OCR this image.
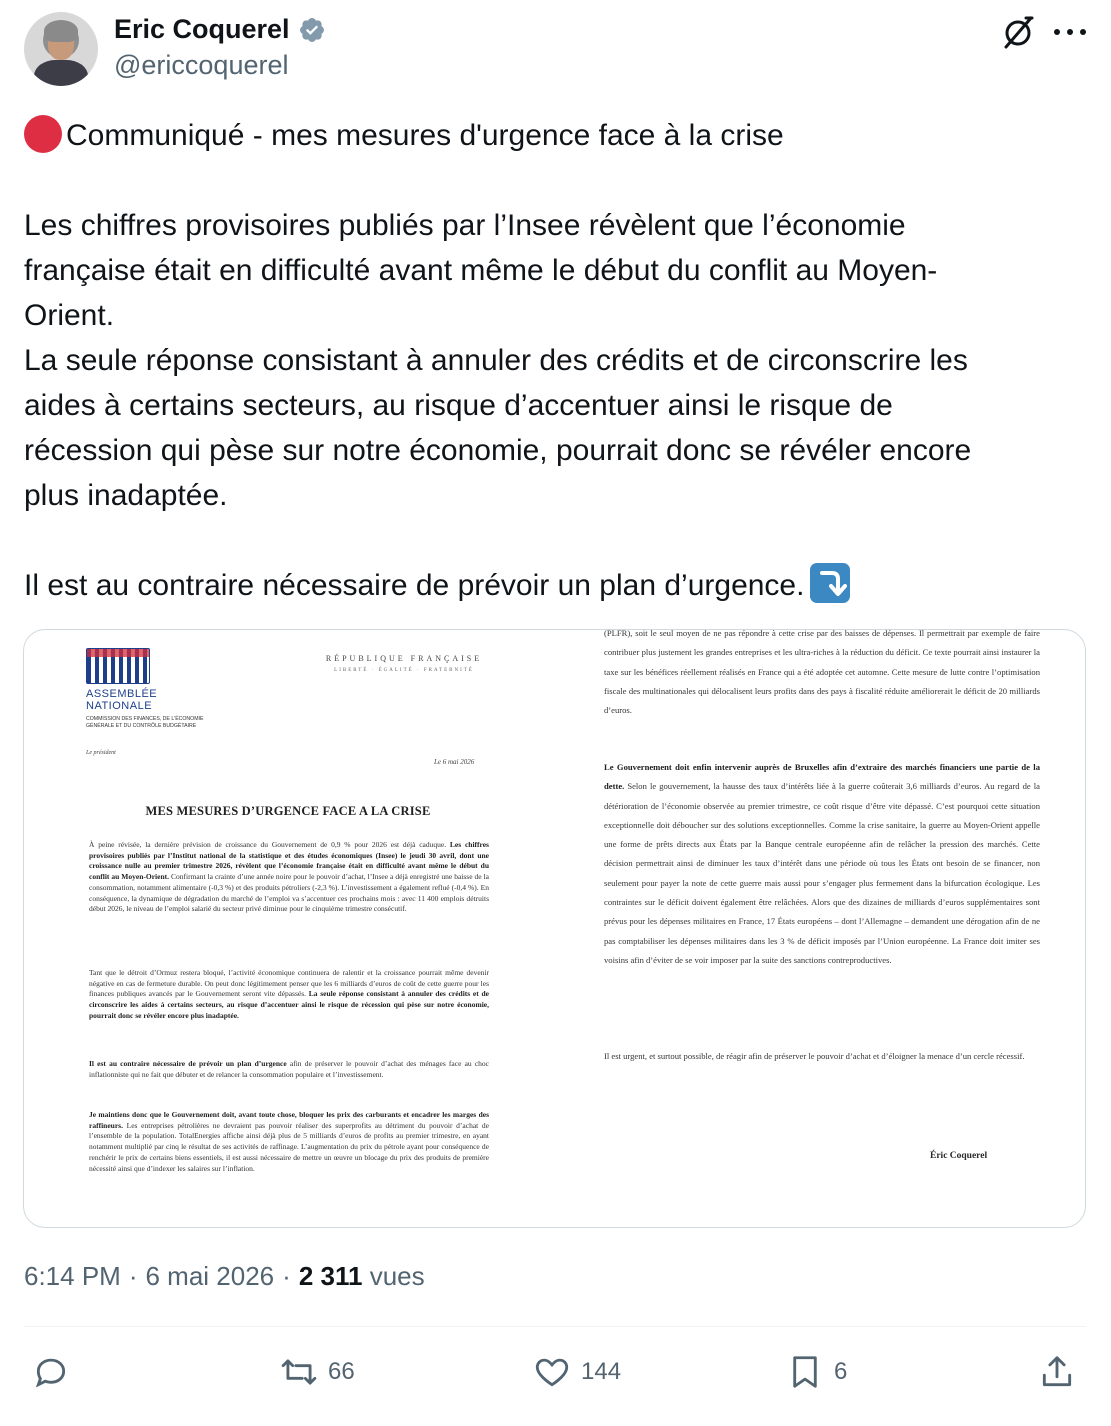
Eric Coquerel
@ericcoquerel

Communiqué - mes mesures d'urgence face à la crise

Les chiffres provisoires publiés par l’Insee révèlent que l’économie
française était en difficulté avant même le début du conflit au Moyen-
Orient.
La seule réponse consistant à annuler des crédits et de circonscrire les
aides à certains secteurs, au risque d’accentuer ainsi le risque de
récession qui pèse sur notre économie, pourrait donc se révéler encore
plus inadaptée.

Il est au contraire nécessaire de prévoir un plan d’urgence.

ASSEMBLÉE
NATIONALE
COMMISSION DES FINANCES, DE L'ÉCONOMIE GÉNÉRALE ET DU CONTRÔLE BUDGÉTAIRE
Le président
RÉPUBLIQUE FRANÇAISE
LIBERTÉ · ÉGALITÉ · FRATERNITÉ
Le 6 mai 2026
MES MESURES D’URGENCE FACE A LA CRISE
À peine révisée, la dernière prévision de croissance du Gouvernement de 0,9 % pour 2026 est déjà caduque. Les chiffres provisoires publiés par l’Institut national de la statistique et des études économiques (Insee) le jeudi 30 avril, dont une croissance nulle au premier trimestre 2026, révèlent que l’économie française était en difficulté avant même le début du conflit au Moyen-Orient. Confirmant la crainte d’une année noire pour le pouvoir d’achat, l’Insee a déjà enregistré une baisse de la consommation, notamment alimentaire (-0,3 %) et des produits pétroliers (-2,3 %). L’investissement a également reflué (-0,4 %). En conséquence, la dynamique de dégradation du marché de l’emploi va s’accentuer ces prochains mois : avec 11 400 emplois détruits début 2026, le niveau de l’emploi salarié du secteur privé diminue pour le cinquième trimestre consécutif.
Tant que le détroit d’Ormuz restera bloqué, l’activité économique continuera de ralentir et la croissance pourrait même devenir négative en cas de fermeture durable. On peut donc légitimement penser que les 6 milliards d’euros de coût de cette guerre pour les finances publiques avancés par le Gouvernement seront vite dépassés. La seule réponse consistant à annuler des crédits et de circonscrire les aides à certains secteurs, au risque d’accentuer ainsi le risque de récession qui pèse sur notre économie, pourrait donc se révéler encore plus inadaptée.
Il est au contraire nécessaire de prévoir un plan d’urgence afin de préserver le pouvoir d’achat des ménages face au choc inflationniste qui ne fait que débuter et de relancer la consommation populaire et l’investissement.
Je maintiens donc que le Gouvernement doit, avant toute chose, bloquer les prix des carburants et encadrer les marges des raffineurs. Les entreprises pétrolières ne devraient pas pouvoir réaliser des superprofits au détriment du pouvoir d’achat de l’ensemble de la population. TotalEnergies affiche ainsi déjà plus de 5 milliards d’euros de profits au premier trimestre, en ayant notamment multiplié par cinq le résultat de ses activités de raffinage. L’augmentation du prix du pétrole ayant pour conséquence de renchérir le prix de certains biens essentiels, il est aussi nécessaire de mettre un œuvre un blocage du prix des produits de première nécessité ainsi que d’indexer les salaires sur l’inflation.
(PLFR), soit le seul moyen de ne pas répondre à cette crise par des baisses de dépenses. Il permettrait par exemple de faire contribuer plus justement les grandes entreprises et les ultra-riches à la réduction du déficit. Ce texte pourrait ainsi instaurer la taxe sur les bénéfices réellement réalisés en France qui a été adoptée cet automne. Cette mesure de lutte contre l’optimisation fiscale des multinationales qui délocalisent leurs profits dans des pays à fiscalité réduite améliorerait le déficit de 20 milliards d’euros.
Le Gouvernement doit enfin intervenir auprès de Bruxelles afin d’extraire des marchés financiers une partie de la dette. Selon le gouvernement, la hausse des taux d’intérêts liée à la guerre coûterait 3,6 milliards d’euros. Au regard de la détérioration de l’économie observée au premier trimestre, ce coût risque d’être vite dépassé. C’est pourquoi cette situation exceptionnelle doit déboucher sur des solutions exceptionnelles. Comme la crise sanitaire, la guerre au Moyen-Orient appelle une forme de prêts directs aux États par la Banque centrale européenne afin de relâcher la pression des marchés. Cette décision permettrait ainsi de diminuer les taux d’intérêt dans une période où tous les États ont besoin de se financer, non seulement pour payer la note de cette guerre mais aussi pour s’engager plus fermement dans la bifurcation écologique. Les contraintes sur le déficit doivent également être relâchées. Alors que des dizaines de milliards d’euros supplémentaires sont prévus pour les dépenses militaires en France, 17 États européens – dont l’Allemagne – demandent une dérogation afin de ne pas comptabiliser les dépenses militaires dans les 3 % de déficit imposés par l’Union européenne. La France doit imiter ses voisins afin d’éviter de se voir imposer par la suite des sanctions contreproductives.
Il est urgent, et surtout possible, de réagir afin de préserver le pouvoir d’achat et d’éloigner la menace d’un cercle récessif.
Éric Coquerel
6:14 PM · 6 mai 2026 · 2 311 vues
66	144	6
